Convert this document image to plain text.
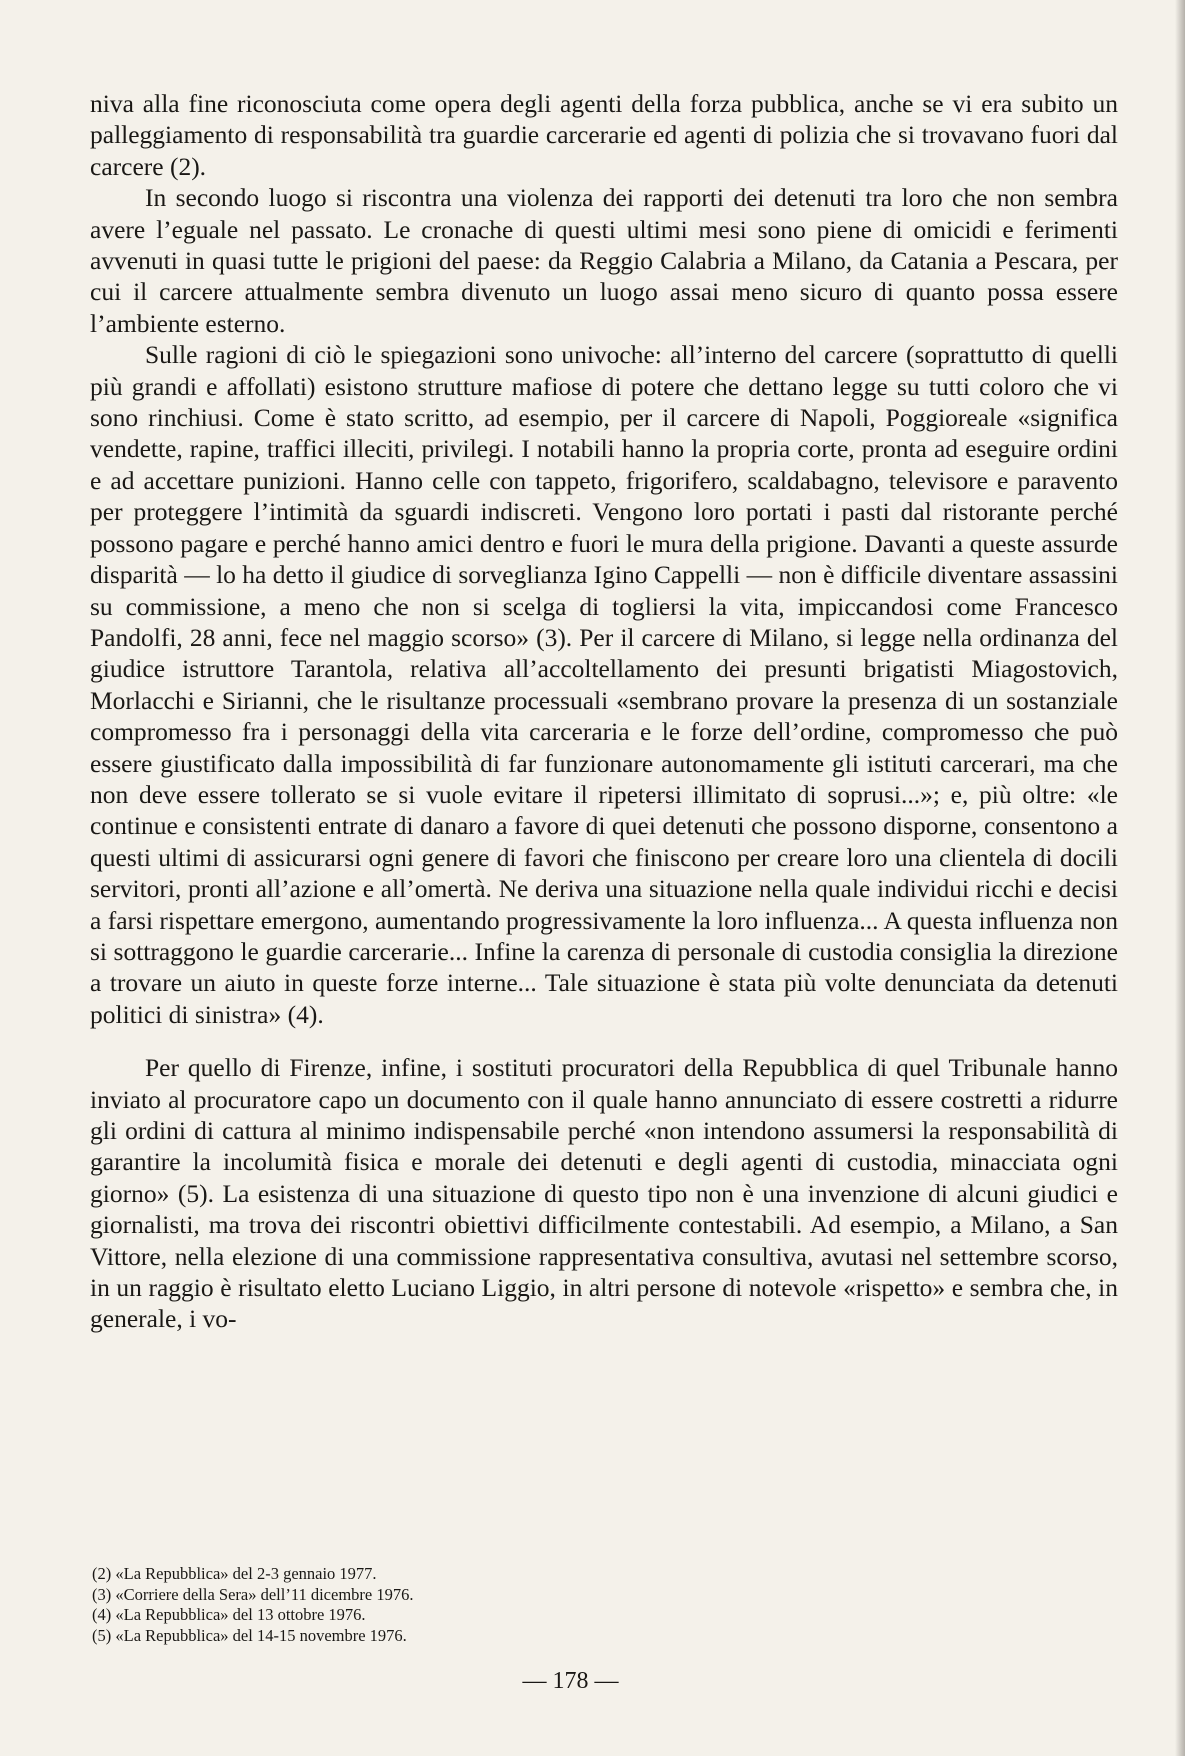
niva alla fine riconosciuta come opera degli agenti della forza pubblica, anche se vi era subito un palleggiamento di responsabilità tra guardie carcerarie ed agenti di polizia che si trovavano fuori dal carcere (2).

In secondo luogo si riscontra una violenza dei rapporti dei detenuti tra loro che non sembra avere l’eguale nel passato. Le cronache di questi ultimi mesi sono piene di omicidi e ferimenti avvenuti in quasi tutte le prigioni del paese: da Reggio Calabria a Milano, da Catania a Pescara, per cui il carcere attualmente sembra divenuto un luogo assai meno sicuro di quanto possa essere l’ambiente esterno.

Sulle ragioni di ciò le spiegazioni sono univoche: all’interno del carcere (soprattutto di quelli più grandi e affollati) esistono strutture mafiose di potere che dettano legge su tutti coloro che vi sono rinchiusi. Come è stato scritto, ad esempio, per il carcere di Napoli, Poggioreale «significa vendette, rapine, traffici illeciti, privilegi. I notabili hanno la propria corte, pronta ad eseguire ordini e ad accettare punizioni. Hanno celle con tappeto, frigorifero, scaldabagno, televisore e paravento per proteggere l’intimità da sguardi indiscreti. Vengono loro portati i pasti dal ristorante perché possono pagare e perché hanno amici dentro e fuori le mura della prigione. Davanti a queste assurde disparità — lo ha detto il giudice di sorveglianza Igino Cappelli — non è difficile diventare assassini su commissione, a meno che non si scelga di togliersi la vita, impiccandosi come Francesco Pandolfi, 28 anni, fece nel maggio scorso» (3). Per il carcere di Milano, si legge nella ordinanza del giudice istruttore Tarantola, relativa all’accoltellamento dei presunti brigatisti Miagostovich, Morlacchi e Sirianni, che le risultanze processuali «sembrano provare la presenza di un sostanziale compromesso fra i personaggi della vita carceraria e le forze dell’ordine, compromesso che può essere giustificato dalla impossibilità di far funzionare autonomamente gli istituti carcerari, ma che non deve essere tollerato se si vuole evitare il ripetersi illimitato di soprusi...»; e, più oltre: «le continue e consistenti entrate di danaro a favore di quei detenuti che possono disporne, consentono a questi ultimi di assicurarsi ogni genere di favori che finiscono per creare loro una clientela di docili servitori, pronti all’azione e all’omertà. Ne deriva una situazione nella quale individui ricchi e decisi a farsi rispettare emergono, aumentando progressivamente la loro influenza... A questa influenza non si sottraggono le guardie carcerarie... Infine la carenza di personale di custodia consiglia la direzione a trovare un aiuto in queste forze interne... Tale situazione è stata più volte denunciata da detenuti politici di sinistra» (4).

Per quello di Firenze, infine, i sostituti procuratori della Repubblica di quel Tribunale hanno inviato al procuratore capo un documento con il quale hanno annunciato di essere costretti a ridurre gli ordini di cattura al minimo indispensabile perché «non intendono assumersi la responsabilità di garantire la incolumità fisica e morale dei detenuti e degli agenti di custodia, minacciata ogni giorno» (5). La esistenza di una situazione di questo tipo non è una invenzione di alcuni giudici e giornalisti, ma trova dei riscontri obiettivi difficilmente contestabili. Ad esempio, a Milano, a San Vittore, nella elezione di una commissione rappresentativa consultiva, avutasi nel settembre scorso, in un raggio è risultato eletto Luciano Liggio, in altri persone di notevole «rispetto» e sembra che, in generale, i vo-

(2) «La Repubblica» del 2-3 gennaio 1977.

(3) «Corriere della Sera» dell’11 dicembre 1976.

(4) «La Repubblica» del 13 ottobre 1976.

(5) «La Repubblica» del 14-15 novembre 1976.

— 178 —
